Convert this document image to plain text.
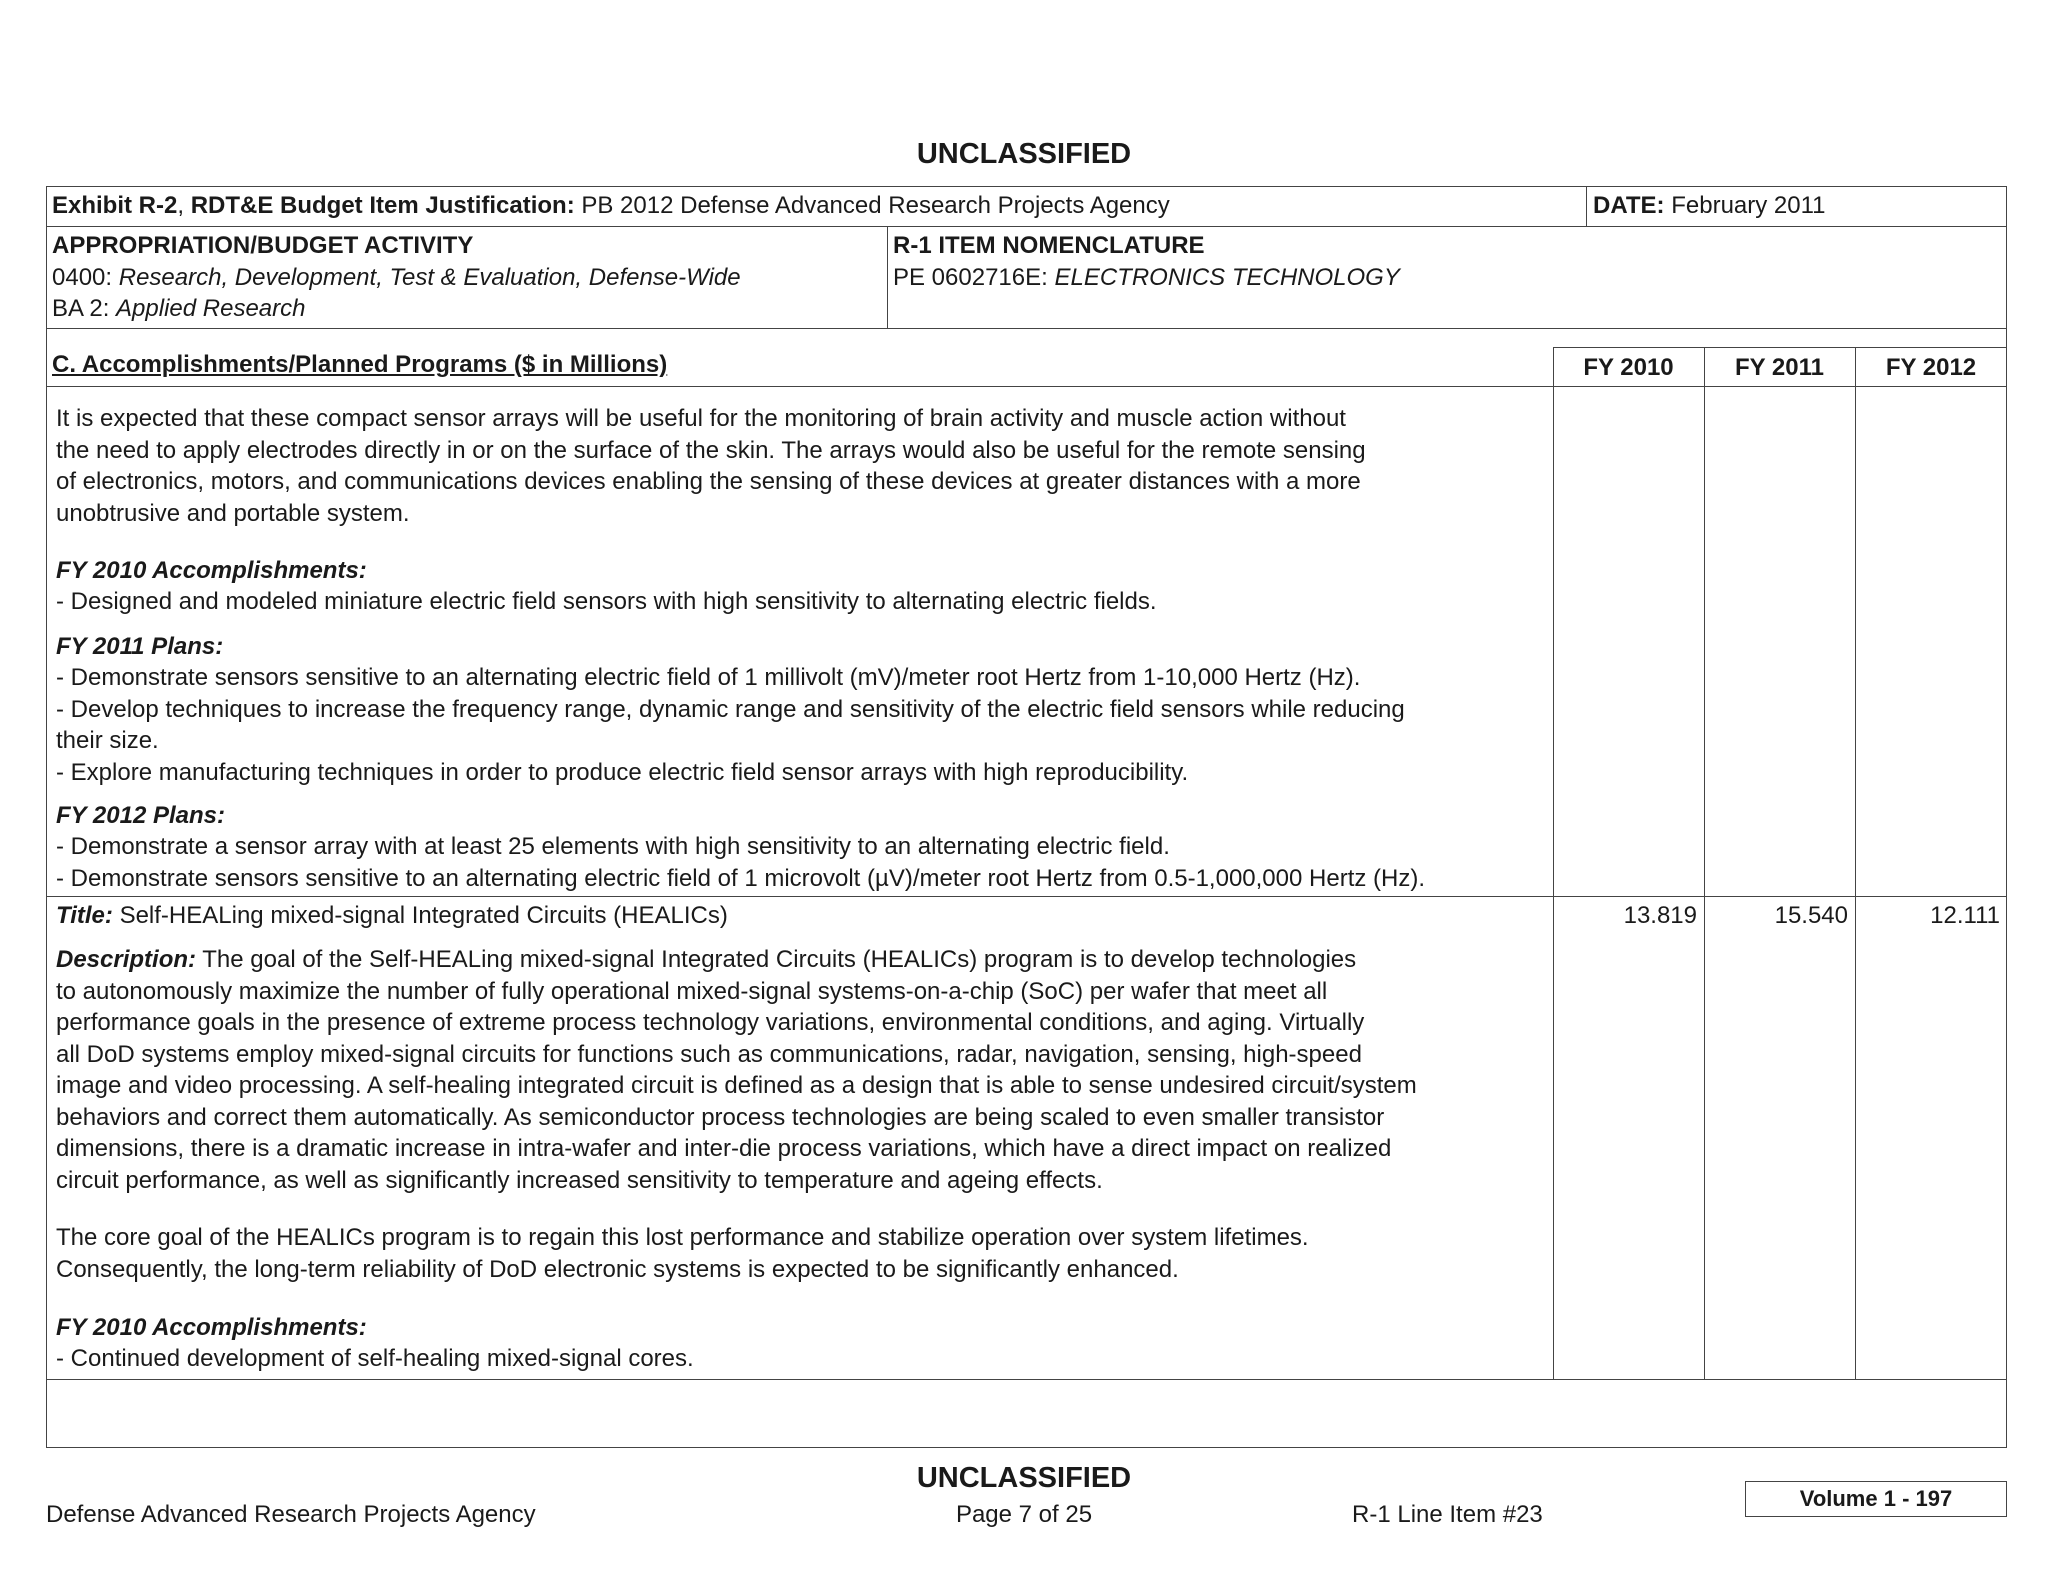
UNCLASSIFIED
Exhibit R-2, RDT&E Budget Item Justification: PB 2012 Defense Advanced Research Projects Agency	DATE: February 2011
APPROPRIATION/BUDGET ACTIVITY
0400: Research, Development, Test & Evaluation, Defense-Wide
BA 2: Applied Research
R-1 ITEM NOMENCLATURE
PE 0602716E: ELECTRONICS TECHNOLOGY
C. Accomplishments/Planned Programs ($ in Millions)	FY 2010	FY 2011	FY 2012
It is expected that these compact sensor arrays will be useful for the monitoring of brain activity and muscle action without
the need to apply electrodes directly in or on the surface of the skin. The arrays would also be useful for the remote sensing
of electronics, motors, and communications devices enabling the sensing of these devices at greater distances with a more
unobtrusive and portable system.
FY 2010 Accomplishments:
- Designed and modeled miniature electric field sensors with high sensitivity to alternating electric fields.
FY 2011 Plans:
- Demonstrate sensors sensitive to an alternating electric field of 1 millivolt (mV)/meter root Hertz from 1-10,000 Hertz (Hz).
- Develop techniques to increase the frequency range, dynamic range and sensitivity of the electric field sensors while reducing
their size.
- Explore manufacturing techniques in order to produce electric field sensor arrays with high reproducibility.
FY 2012 Plans:
- Demonstrate a sensor array with at least 25 elements with high sensitivity to an alternating electric field.
- Demonstrate sensors sensitive to an alternating electric field of 1 microvolt (µV)/meter root Hertz from 0.5-1,000,000 Hertz (Hz).
Title: Self-HEALing mixed-signal Integrated Circuits (HEALICs)	13.819	15.540	12.111
Description: The goal of the Self-HEALing mixed-signal Integrated Circuits (HEALICs) program is to develop technologies
to autonomously maximize the number of fully operational mixed-signal systems-on-a-chip (SoC) per wafer that meet all
performance goals in the presence of extreme process technology variations, environmental conditions, and aging. Virtually
all DoD systems employ mixed-signal circuits for functions such as communications, radar, navigation, sensing, high-speed
image and video processing. A self-healing integrated circuit is defined as a design that is able to sense undesired circuit/system
behaviors and correct them automatically. As semiconductor process technologies are being scaled to even smaller transistor
dimensions, there is a dramatic increase in intra-wafer and inter-die process variations, which have a direct impact on realized
circuit performance, as well as significantly increased sensitivity to temperature and ageing effects.
The core goal of the HEALICs program is to regain this lost performance and stabilize operation over system lifetimes.
Consequently, the long-term reliability of DoD electronic systems is expected to be significantly enhanced.
FY 2010 Accomplishments:
- Continued development of self-healing mixed-signal cores.
UNCLASSIFIED
Defense Advanced Research Projects Agency	Page 7 of 25	R-1 Line Item #23
Volume 1 - 197
